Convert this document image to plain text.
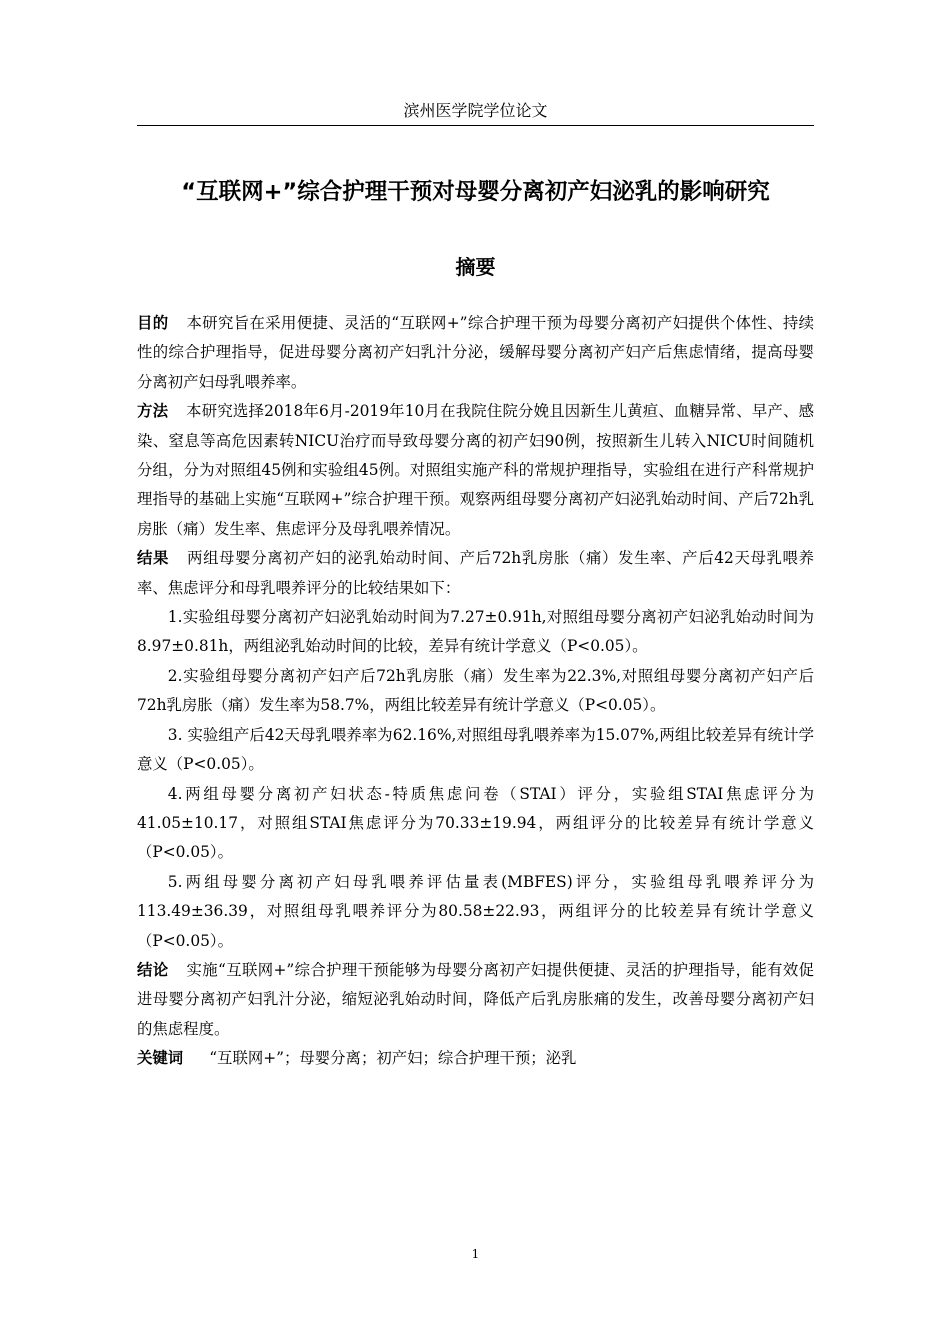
滨州医学院学位论文
“互联网+”综合护理干预对母婴分离初产妇泌乳的影响研究
摘要

目的 本研究旨在采用便捷、灵活的“互联网+”综合护理干预为母婴分离初产妇提供个体性、持续性的综合护理指导，促进母婴分离初产妇乳汁分泌，缓解母婴分离初产妇产后焦虑情绪，提高母婴分离初产妇母乳喂养率。

方法 本研究选择2018年6月-2019年10月在我院住院分娩且因新生儿黄疸、血糖异常、早产、感染、窒息等高危因素转NICU治疗而导致母婴分离的初产妇90例，按照新生儿转入NICU时间随机分组，分为对照组45例和实验组45例。对照组实施产科的常规护理指导，实验组在进行产科常规护理指导的基础上实施“互联网+”综合护理干预。观察两组母婴分离初产妇泌乳始动时间、产后72h乳房胀（痛）发生率、焦虑评分及母乳喂养情况。

结果 两组母婴分离初产妇的泌乳始动时间、产后72h乳房胀（痛）发生率、产后42天母乳喂养率、焦虑评分和母乳喂养评分的比较结果如下：

1.实验组母婴分离初产妇泌乳始动时间为7.27±0.91h,对照组母婴分离初产妇泌乳始动时间为8.97±0.81h，两组泌乳始动时间的比较，差异有统计学意义（P<0.05）。

2.实验组母婴分离初产妇产后72h乳房胀（痛）发生率为22.3%,对照组母婴分离初产妇产后72h乳房胀（痛）发生率为58.7%，两组比较差异有统计学意义（P<0.05）。

3. 实验组产后42天母乳喂养率为62.16%,对照组母乳喂养率为15.07%,两组比较差异有统计学意义（P<0.05）。

4.两组母婴分离初产妇状态-特质焦虑问卷（STAI）评分，实验组STAI焦虑评分为41.05±10.17，对照组STAI焦虑评分为70.33±19.94，两组评分的比较差异有统计学意义（P<0.05）。

5.两组母婴分离初产妇母乳喂养评估量表(MBFES)评分，实验组母乳喂养评分为113.49±36.39，对照组母乳喂养评分为80.58±22.93，两组评分的比较差异有统计学意义（P<0.05）。

结论 实施“互联网+”综合护理干预能够为母婴分离初产妇提供便捷、灵活的护理指导，能有效促进母婴分离初产妇乳汁分泌，缩短泌乳始动时间，降低产后乳房胀痛的发生，改善母婴分离初产妇的焦虑程度。

关键词 “互联网+”；母婴分离；初产妇；综合护理干预；泌乳

1
